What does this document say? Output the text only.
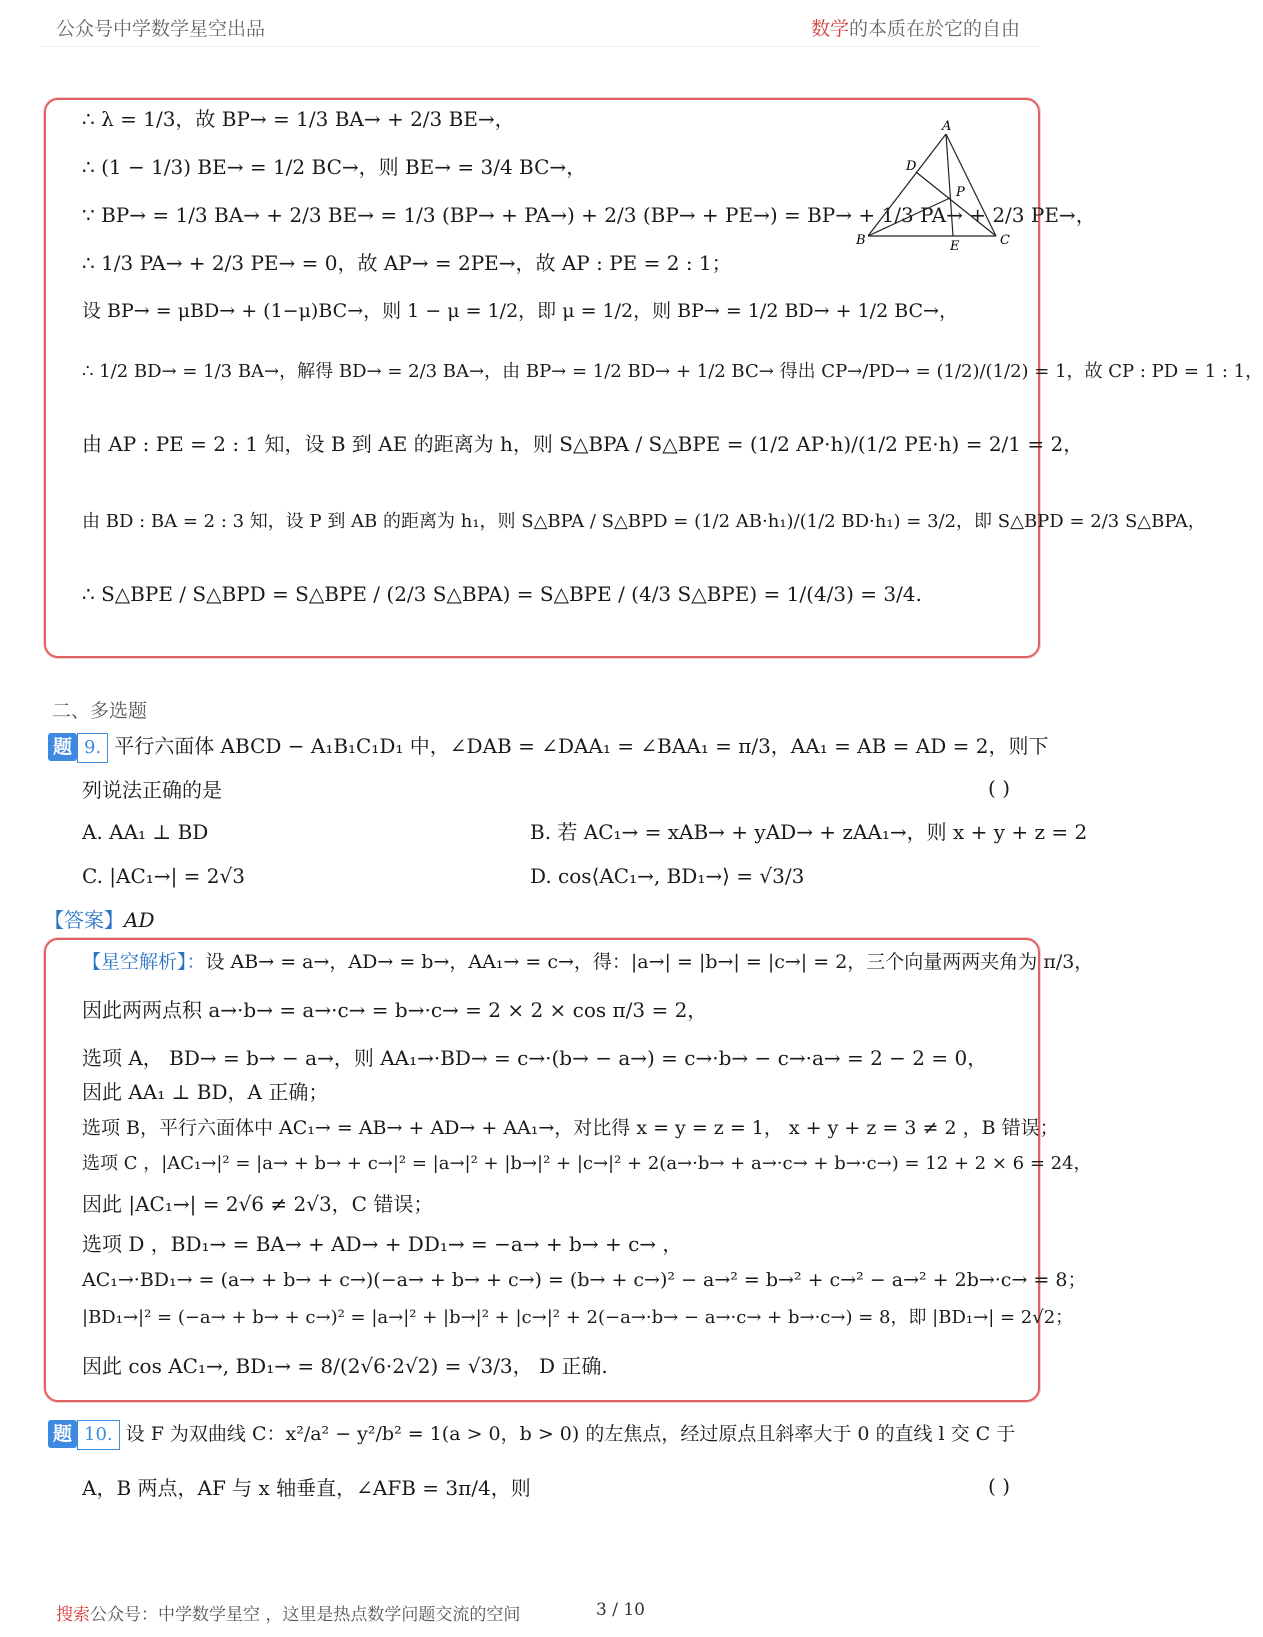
公众号中学数学星空出品	数学的本质在於它的自由
∴ λ = 1/3，故 BP→ = 1/3 BA→ + 2/3 BE→，
∴ (1 − 1/3) BE→ = 1/2 BC→，则 BE→ = 3/4 BC→，
∵ BP→ = 1/3 BA→ + 2/3 BE→ = 1/3 (BP→ + PA→) + 2/3 (BP→ + PE→) = BP→ + 1/3 PA→ + 2/3 PE→，
∴ 1/3 PA→ + 2/3 PE→ = 0，故 AP→ = 2PE→，故 AP : PE = 2 : 1；
设 BP→ = μBD→ + (1−μ)BC→，则 1 − μ = 1/2，即 μ = 1/2，则 BP→ = 1/2 BD→ + 1/2 BC→，
∴ 1/2 BD→ = 1/3 BA→，解得 BD→ = 2/3 BA→，由 BP→ = 1/2 BD→ + 1/2 BC→ 得出 CP→/PD→ = (1/2)/(1/2) = 1，故 CP : PD = 1 : 1，
由 AP : PE = 2 : 1 知，设 B 到 AE 的距离为 h，则 S△BPA / S△BPE = (1/2 AP·h)/(1/2 PE·h) = 2/1 = 2，
由 BD : BA = 2 : 3 知，设 P 到 AB 的距离为 h₁，则 S△BPA / S△BPD = (1/2 AB·h₁)/(1/2 BD·h₁) = 3/2，即 S△BPD = 2/3 S△BPA，
∴ S△BPE / S△BPD = S△BPE / (2/3 S△BPA) = S△BPE / (4/3 S△BPE) = 1/(4/3) = 3/4.
A
D
P
B	E	C
二、多选题
题 9. 平行六面体 ABCD − A₁B₁C₁D₁ 中，∠DAB = ∠DAA₁ = ∠BAA₁ = π/3，AA₁ = AB = AD = 2，则下
列说法正确的是	( )
A. AA₁ ⊥ BD	B. 若 AC₁→ = xAB→ + yAD→ + zAA₁→，则 x + y + z = 2
C. |AC₁→| = 2√3	D. cos⟨AC₁→, BD₁→⟩ = √3/3
【答案】AD
【星空解析】：设 AB→ = a→，AD→ = b→，AA₁→ = c→，得：|a→| = |b→| = |c→| = 2，三个向量两两夹角为 π/3，
因此两两点积 a→·b→ = a→·c→ = b→·c→ = 2 × 2 × cos π/3 = 2，
选项 A， BD→ = b→ − a→，则 AA₁→·BD→ = c→·(b→ − a→) = c→·b→ − c→·a→ = 2 − 2 = 0，
因此 AA₁ ⊥ BD，A 正确；
选项 B，平行六面体中 AC₁→ = AB→ + AD→ + AA₁→，对比得 x = y = z = 1， x + y + z = 3 ≠ 2 ，B 错误；
选项 C ，|AC₁→|² = |a→ + b→ + c→|² = |a→|² + |b→|² + |c→|² + 2(a→·b→ + a→·c→ + b→·c→) = 12 + 2 × 6 = 24，
因此 |AC₁→| = 2√6 ≠ 2√3，C 错误；
选项 D ，BD₁→ = BA→ + AD→ + DD₁→ = −a→ + b→ + c→ ，
AC₁→·BD₁→ = (a→ + b→ + c→)(−a→ + b→ + c→) = (b→ + c→)² − a→² = b→² + c→² − a→² + 2b→·c→ = 8；
|BD₁→|² = (−a→ + b→ + c→)² = |a→|² + |b→|² + |c→|² + 2(−a→·b→ − a→·c→ + b→·c→) = 8，即 |BD₁→| = 2√2；
因此 cos AC₁→, BD₁→ = 8/(2√6·2√2) = √3/3， D 正确.
题 10. 设 F 为双曲线 C：x²/a² − y²/b² = 1(a > 0，b > 0) 的左焦点，经过原点且斜率大于 0 的直线 l 交 C 于
A，B 两点，AF 与 x 轴垂直，∠AFB = 3π/4，则	( )
搜索公众号：中学数学星空 ，这里是热点数学问题交流的空间	3 / 10
